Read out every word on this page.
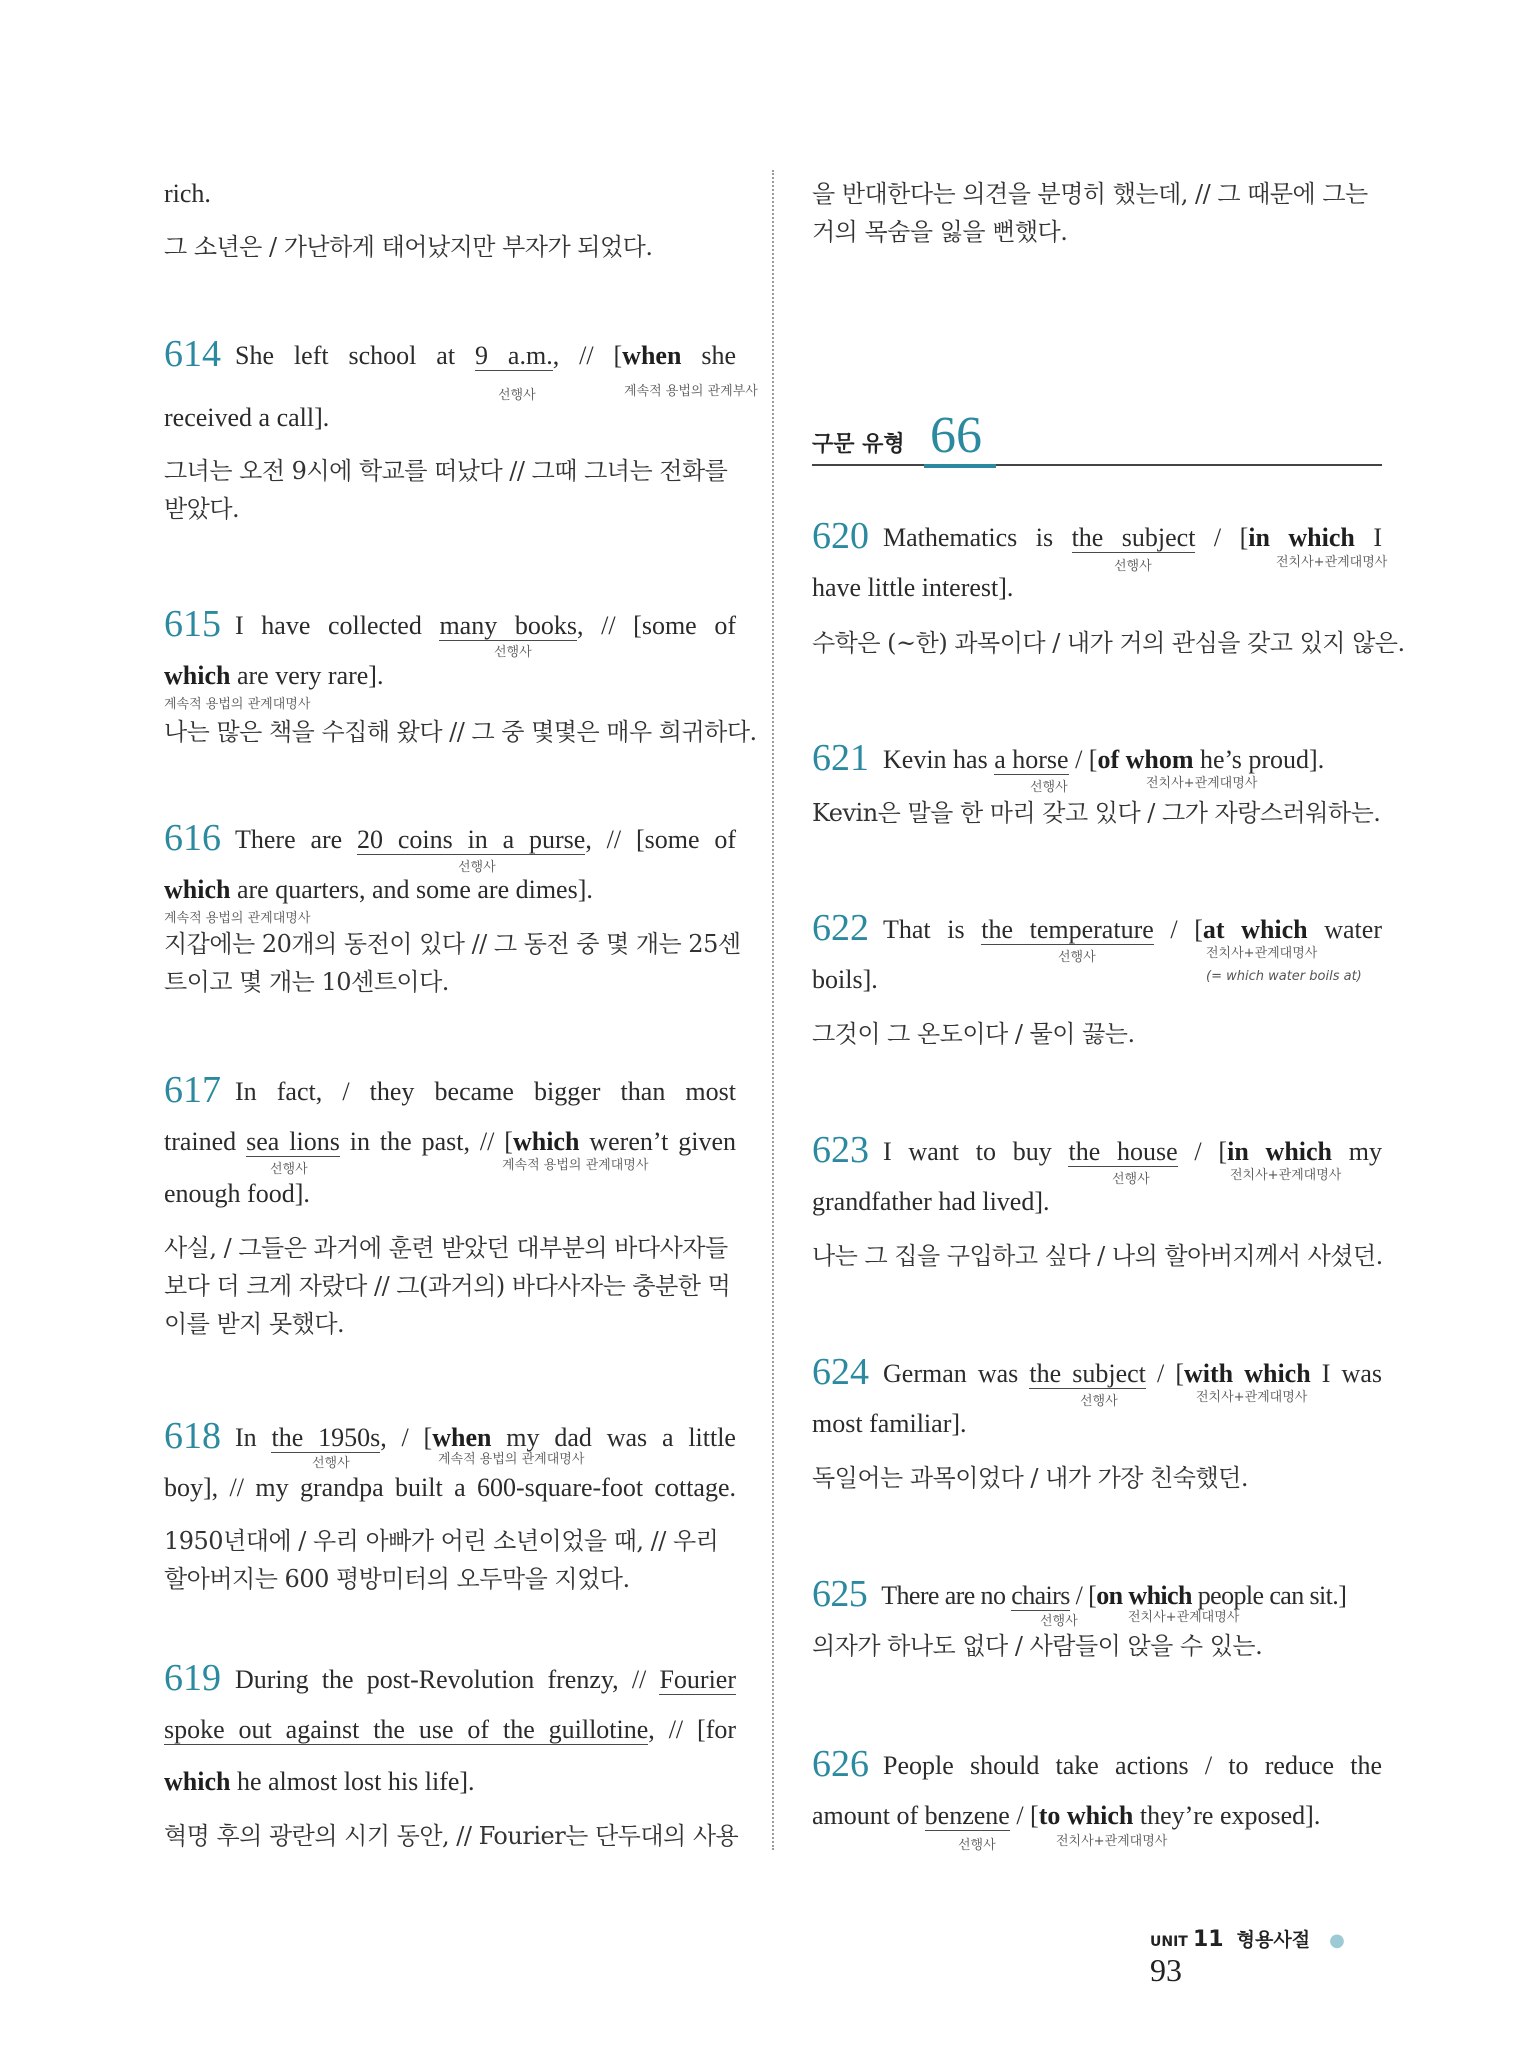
rich.
그 소년은 / 가난하게 태어났지만 부자가 되었다.
614 She left school at 9 a.m., // [when she
선행사	계속적 용법의 관계부사
received a call].
그녀는 오전 9시에 학교를 떠났다 // 그때 그녀는 전화를
받았다.
615 I have collected many books, // [some of
선행사
which are very rare].
계속적 용법의 관계대명사
나는 많은 책을 수집해 왔다 // 그 중 몇몇은 매우 희귀하다.
616 There are 20 coins in a purse, // [some of
선행사
which are quarters, and some are dimes].
계속적 용법의 관계대명사
지갑에는 20개의 동전이 있다 // 그 동전 중 몇 개는 25센
트이고 몇 개는 10센트이다.
617 In fact, / they became bigger than most
trained sea lions in the past, // [which weren’t given
선행사	계속적 용법의 관계대명사
enough food].
사실, / 그들은 과거에 훈련 받았던 대부분의 바다사자들
보다 더 크게 자랐다 // 그(과거의) 바다사자는 충분한 먹
이를 받지 못했다.
618 In the 1950s, / [when my dad was a little
선행사	계속적 용법의 관계대명사
boy], // my grandpa built a 600-square-foot cottage.
1950년대에 / 우리 아빠가 어린 소년이었을 때, // 우리
할아버지는 600 평방미터의 오두막을 지었다.
619 During the post-Revolution frenzy, // Fourier
spoke out against the use of the guillotine, // [for
which he almost lost his life].
혁명 후의 광란의 시기 동안, // Fourier는 단두대의 사용
을 반대한다는 의견을 분명히 했는데, // 그 때문에 그는
거의 목숨을 잃을 뻔했다.
620 Mathematics is the subject / [in which I
선행사	전치사+관계대명사
have little interest].
수학은 (~한) 과목이다 / 내가 거의 관심을 갖고 있지 않은.
621 Kevin has a horse / [of whom he’s proud].
선행사	전치사+관계대명사
Kevin은 말을 한 마리 갖고 있다 / 그가 자랑스러워하는.
622 That is the temperature / [at which water
선행사	전치사+관계대명사
(= which water boils at)
boils].
그것이 그 온도이다 / 물이 끓는.
623 I want to buy the house / [in which my
선행사	전치사+관계대명사
grandfather had lived].
나는 그 집을 구입하고 싶다 / 나의 할아버지께서 사셨던.
624 German was the subject / [with which I was
선행사	전치사+관계대명사
most familiar].
독일어는 과목이었다 / 내가 가장 친숙했던.
625 There are no chairs / [on which people can sit.]
선행사	전치사+관계대명사
의자가 하나도 없다 / 사람들이 앉을 수 있는.
626 People should take actions / to reduce the
amount of benzene / [to which they’re exposed].
선행사	전치사+관계대명사
구문 유형 66
UNIT 11 형용사절 ● 93
